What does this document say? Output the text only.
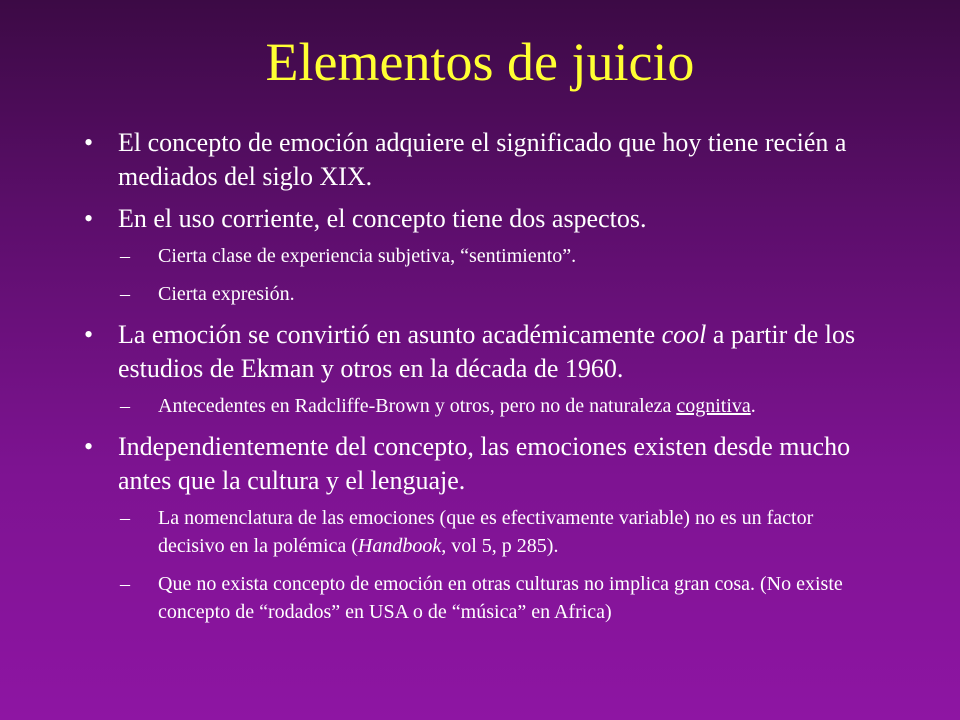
Elementos de juicio
• El concepto de emoción adquiere el significado que hoy tiene recién a mediados del siglo XIX.
• En el uso corriente, el concepto tiene dos aspectos.
– Cierta clase de experiencia subjetiva, “sentimiento”.
– Cierta expresión.
• La emoción se convirtió en asunto académicamente cool a partir de los estudios de Ekman y otros en la década de 1960.
– Antecedentes en Radcliffe-Brown y otros, pero no de naturaleza cognitiva.
• Independientemente del concepto, las emociones existen desde mucho antes que la cultura y el lenguaje.
– La nomenclatura de las emociones (que es efectivamente variable) no es un factor decisivo en la polémica (Handbook, vol 5, p 285).
– Que no exista concepto de emoción en otras culturas no implica gran cosa. (No existe concepto de “rodados” en USA o de “música” en Africa)
